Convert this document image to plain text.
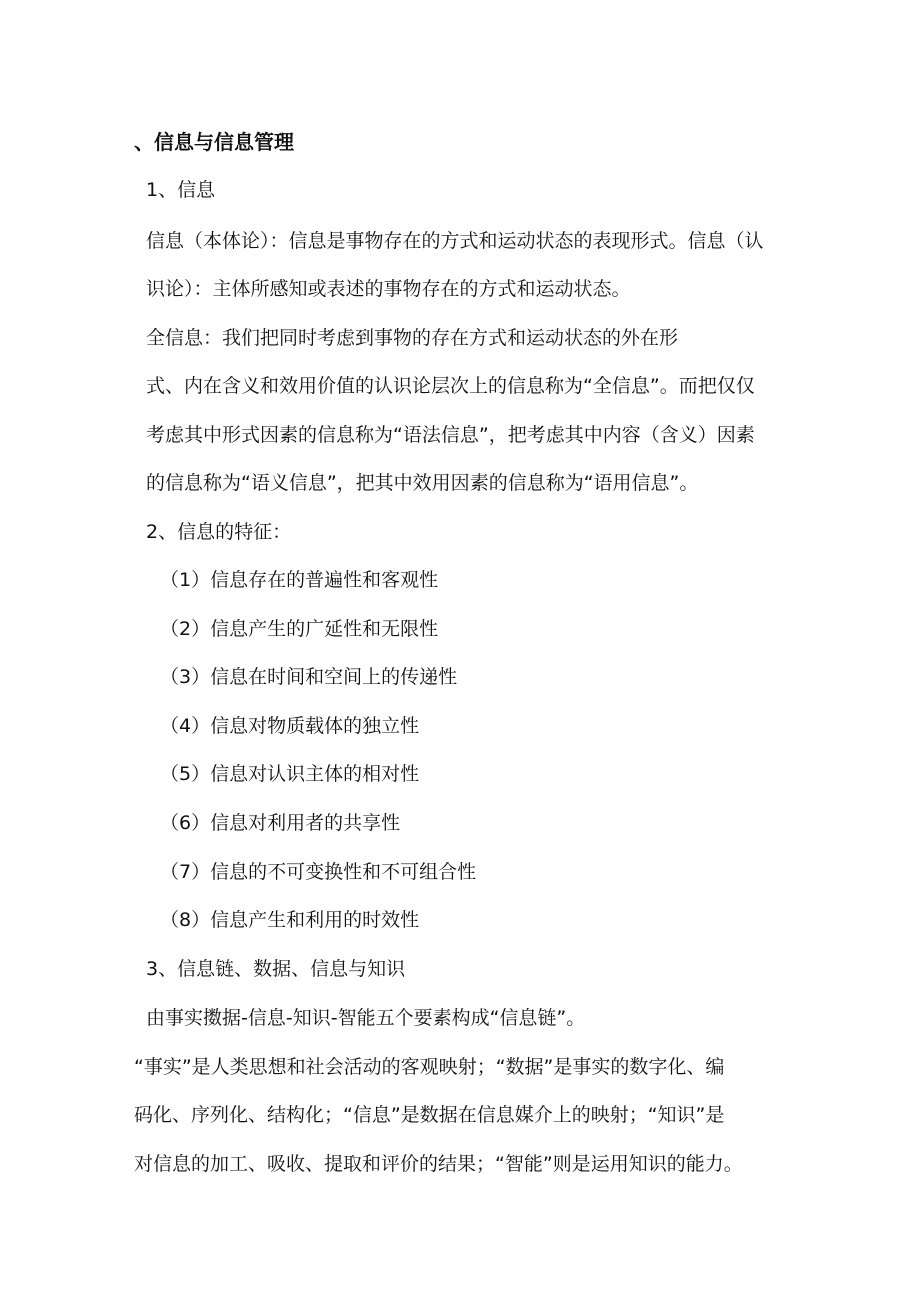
、信息与信息管理
1、信息
信息（本体论）：信息是事物存在的方式和运动状态的表现形式。信息（认
识论）：主体所感知或表述的事物存在的方式和运动状态。
全信息：我们把同时考虑到事物的存在方式和运动状态的外在形
式、内在含义和效用价值的认识论层次上的信息称为“全信息”。而把仅仅
考虑其中形式因素的信息称为“语法信息”，把考虑其中内容（含义）因素
的信息称为“语义信息”，把其中效用因素的信息称为“语用信息”。
2、信息的特征：
（1）信息存在的普遍性和客观性
（2）信息产生的广延性和无限性
（3）信息在时间和空间上的传递性
（4）信息对物质载体的独立性
（5）信息对认识主体的相对性
（6）信息对利用者的共享性
（7）信息的不可变换性和不可组合性
（8）信息产生和利用的时效性
3、信息链、数据、信息与知识
由事实擞据-信息-知识-智能五个要素构成“信息链”。
“事实”是人类思想和社会活动的客观映射；“数据”是事实的数字化、编
码化、序列化、结构化；“信息”是数据在信息媒介上的映射；“知识”是
对信息的加工、吸收、提取和评价的结果；“智能”则是运用知识的能力。
